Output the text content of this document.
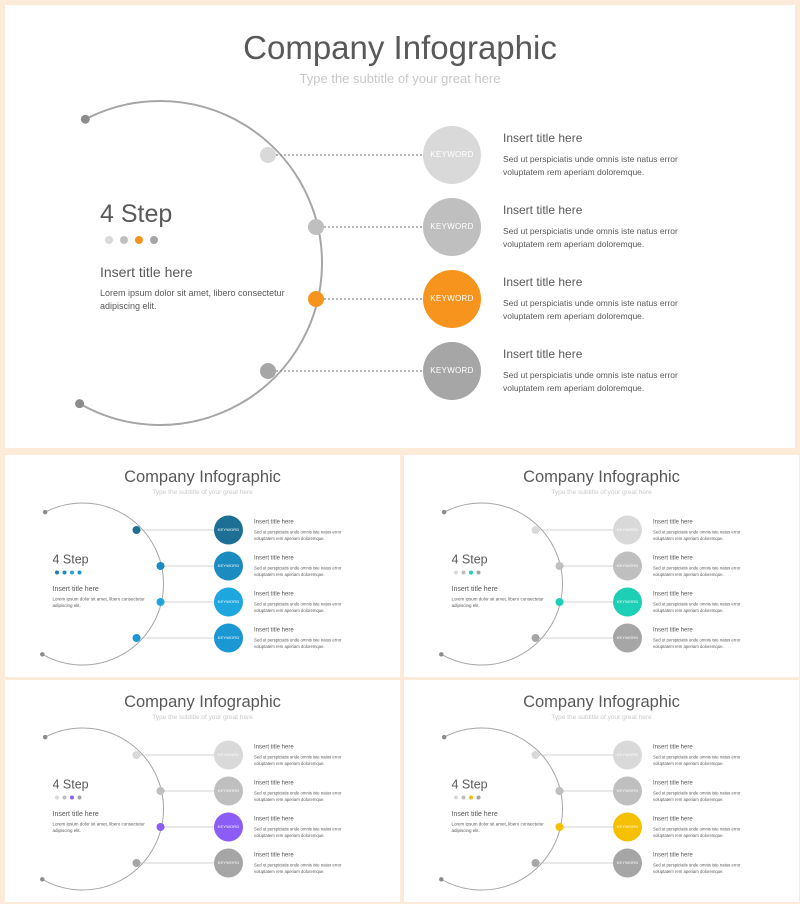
Company Infographic
Type the subtitle of your great here
4 Step
Insert title here
Lorem ipsum dolor sit amet, libero consectetur adipiscing elit.
KEYWORD
Insert title here
Sed ut perspiciatis unde omnis iste natus error voluptatem rem aperiam doloremque.
KEYWORD
Insert title here
Sed ut perspiciatis unde omnis iste natus error voluptatem rem aperiam doloremque.
KEYWORD
Insert title here
Sed ut perspiciatis unde omnis iste natus error voluptatem rem aperiam doloremque.
KEYWORD
Insert title here
Sed ut perspiciatis unde omnis iste natus error voluptatem rem aperiam doloremque.
Company Infographic
Type the subtitle of your great here
4 Step
Insert title here
Lorem ipsum dolor sit amet, libero consectetur adipiscing elit.
KEYWORD
Insert title here
Sed ut perspiciatis unde omnis iste natus error voluptatem rem aperiam doloremque.
KEYWORD
Insert title here
Sed ut perspiciatis unde omnis iste natus error voluptatem rem aperiam doloremque.
KEYWORD
Insert title here
Sed ut perspiciatis unde omnis iste natus error voluptatem rem aperiam doloremque.
KEYWORD
Insert title here
Sed ut perspiciatis unde omnis iste natus error voluptatem rem aperiam doloremque.
Company Infographic
Type the subtitle of your great here
4 Step
Insert title here
Lorem ipsum dolor sit amet, libero consectetur adipiscing elit.
KEYWORD
Insert title here
Sed ut perspiciatis unde omnis iste natus error voluptatem rem aperiam doloremque.
KEYWORD
Insert title here
Sed ut perspiciatis unde omnis iste natus error voluptatem rem aperiam doloremque.
KEYWORD
Insert title here
Sed ut perspiciatis unde omnis iste natus error voluptatem rem aperiam doloremque.
KEYWORD
Insert title here
Sed ut perspiciatis unde omnis iste natus error voluptatem rem aperiam doloremque.
Company Infographic
Type the subtitle of your great here
4 Step
Insert title here
Lorem ipsum dolor sit amet, libero consectetur adipiscing elit.
KEYWORD
Insert title here
Sed ut perspiciatis unde omnis iste natus error voluptatem rem aperiam doloremque.
KEYWORD
Insert title here
Sed ut perspiciatis unde omnis iste natus error voluptatem rem aperiam doloremque.
KEYWORD
Insert title here
Sed ut perspiciatis unde omnis iste natus error voluptatem rem aperiam doloremque.
KEYWORD
Insert title here
Sed ut perspiciatis unde omnis iste natus error voluptatem rem aperiam doloremque.
Company Infographic
Type the subtitle of your great here
4 Step
Insert title here
Lorem ipsum dolor sit amet, libero consectetur adipiscing elit.
KEYWORD
Insert title here
Sed ut perspiciatis unde omnis iste natus error voluptatem rem aperiam doloremque.
KEYWORD
Insert title here
Sed ut perspiciatis unde omnis iste natus error voluptatem rem aperiam doloremque.
KEYWORD
Insert title here
Sed ut perspiciatis unde omnis iste natus error voluptatem rem aperiam doloremque.
KEYWORD
Insert title here
Sed ut perspiciatis unde omnis iste natus error voluptatem rem aperiam doloremque.
